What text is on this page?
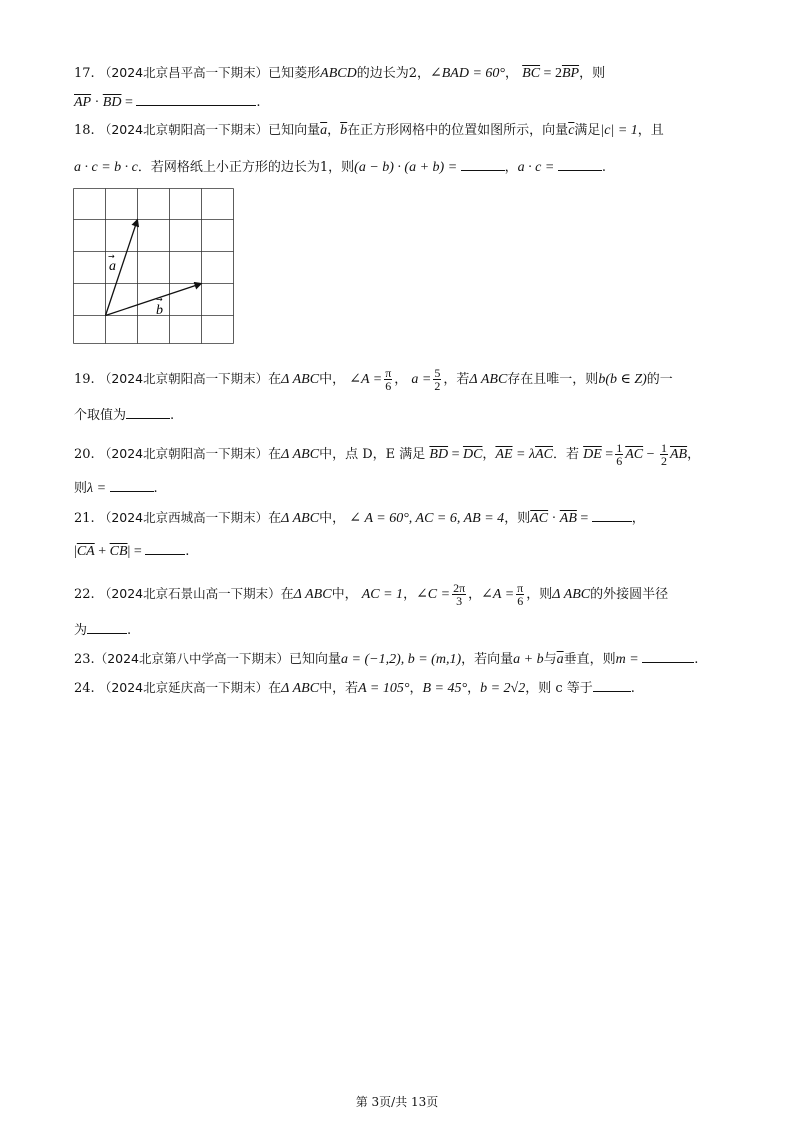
17. （2024北京昌平高一下期末）已知菱形ABCD的边长为2，∠BAD = 60°， $\overline{BC} = 2\overline{BP}$，则
$\overline{AP} \cdot \overline{BD}$ =	.
18. （2024北京朝阳高一下期末）已知向量$\overline{a}$，$\overline{b}$在正方形网格中的位置如图所示，向量$\overline{c}$满足|c| = 1，且
a · c = b · c．若网格纸上小正方形的边长为1，则(a − b) · (a + b) =	，a · c =	.
a
→
b
→
19. （2024北京朝阳高一下期末）在Δ ABC中， ∠A = $\frac{\pi}{6}$ ， $a = \frac{5}{2}$ ，若Δ ABC存在且唯一，则b(b ∈ Z)的一
个取值为	.
20. （2024北京朝阳高一下期末）在Δ ABC中，点 D，E 满足 $\overline{BD} = \overline{DC}$，$\overline{AE} = \lambda\overline{AC}$．若 $\overline{DE} = \frac{1}{6} \overline{AC} - \frac{1}{2} \overline{AB}$，
则λ =	.
21. （2024北京西城高一下期末）在Δ ABC中， ∠ A = 60°, AC = 6, AB = 4，则$\overline{AC} \cdot \overline{AB}$ =	，
$|\overline{CA} + \overline{CB}|$ =	.
22. （2024北京石景山高一下期末）在Δ ABC中， AC = 1，∠C = $\frac{2\pi}{3}$ ，∠A = $\frac{\pi}{6}$ ，则Δ ABC的外接圆半径
为	.
23.（2024北京第八中学高一下期末）已知向量a = (−1,2), b = (m,1)，若向量a + b与$\overline{a}$垂直，则m =	.
24. （2024北京延庆高一下期末）在Δ ABC中，若A = 105°，B = 45°，b = 2√2，则 c 等于	.
第 3页/共 13页
